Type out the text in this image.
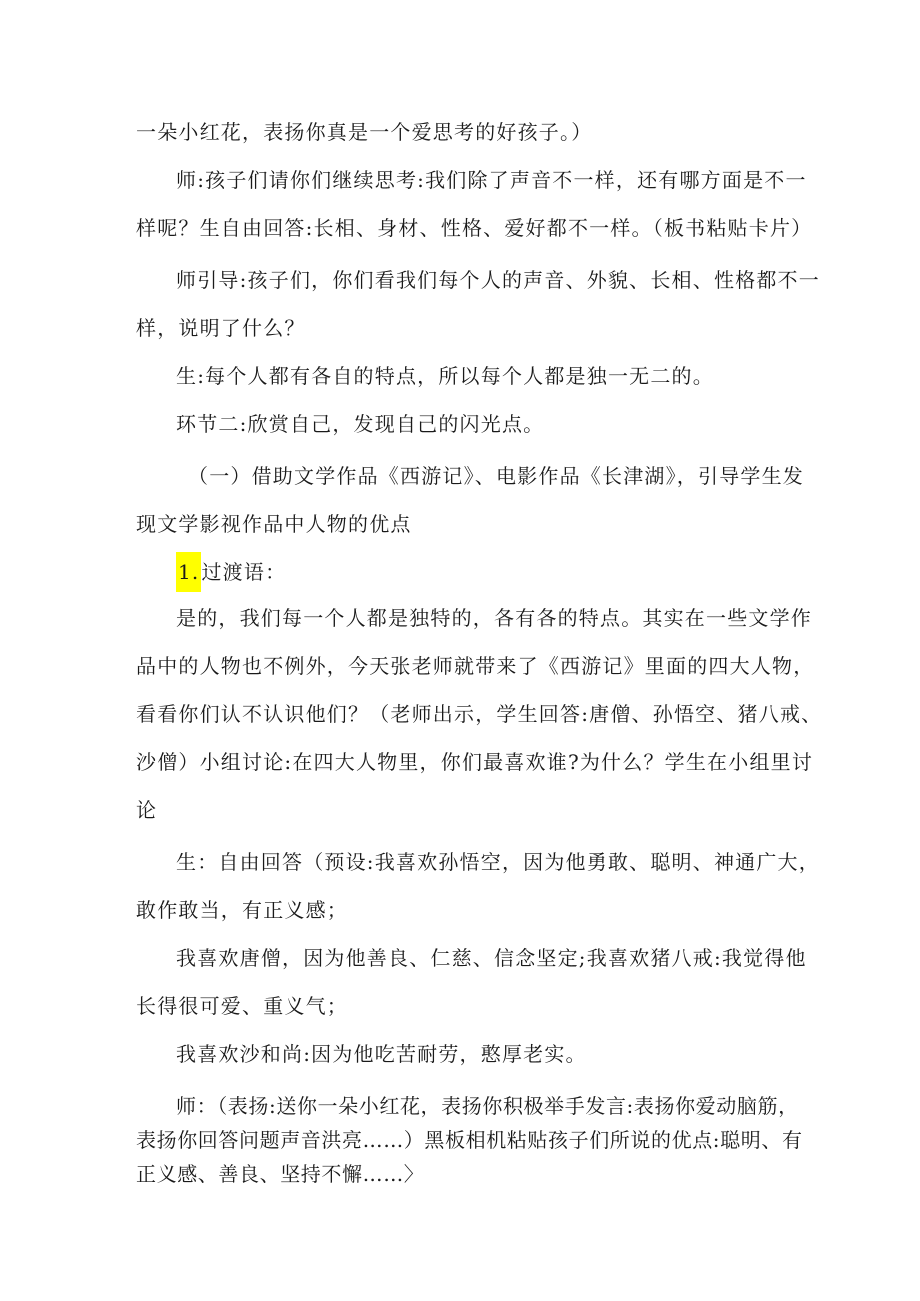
一朵小红花，表扬你真是一个爱思考的好孩子。）
师:孩子们请你们继续思考:我们除了声音不一样，还有哪方面是不一
样呢？生自由回答:长相、身材、性格、爱好都不一样。（板书粘贴卡片）
师引导:孩子们，你们看我们每个人的声音、外貌、长相、性格都不一
样，说明了什么？
生:每个人都有各自的特点，所以每个人都是独一无二的。
环节二:欣赏自己，发现自己的闪光点。
（一）借助文学作品《西游记》、电影作品《长津湖》，引导学生发
现文学影视作品中人物的优点
1. 过渡语：
是的，我们每一个人都是独特的，各有各的特点。其实在一些文学作
品中的人物也不例外，今天张老师就带来了《西游记》里面的四大人物，
看看你们认不认识他们？（老师出示，学生回答:唐僧、孙悟空、猪八戒、
沙僧）小组讨论:在四大人物里，你们最喜欢谁?为什么？学生在小组里讨
论
生：自由回答（预设:我喜欢孙悟空，因为他勇敢、聪明、神通广大，
敢作敢当，有正义感；
我喜欢唐僧，因为他善良、仁慈、信念坚定;我喜欢猪八戒:我觉得他
长得很可爱、重义气；
我喜欢沙和尚:因为他吃苦耐劳，憨厚老实。
师：（表扬:送你一朵小红花，表扬你积极举手发言:表扬你爱动脑筋，
表扬你回答问题声音洪亮……）黑板相机粘贴孩子们所说的优点:聪明、有
正义感、善良、坚持不懈……〉
